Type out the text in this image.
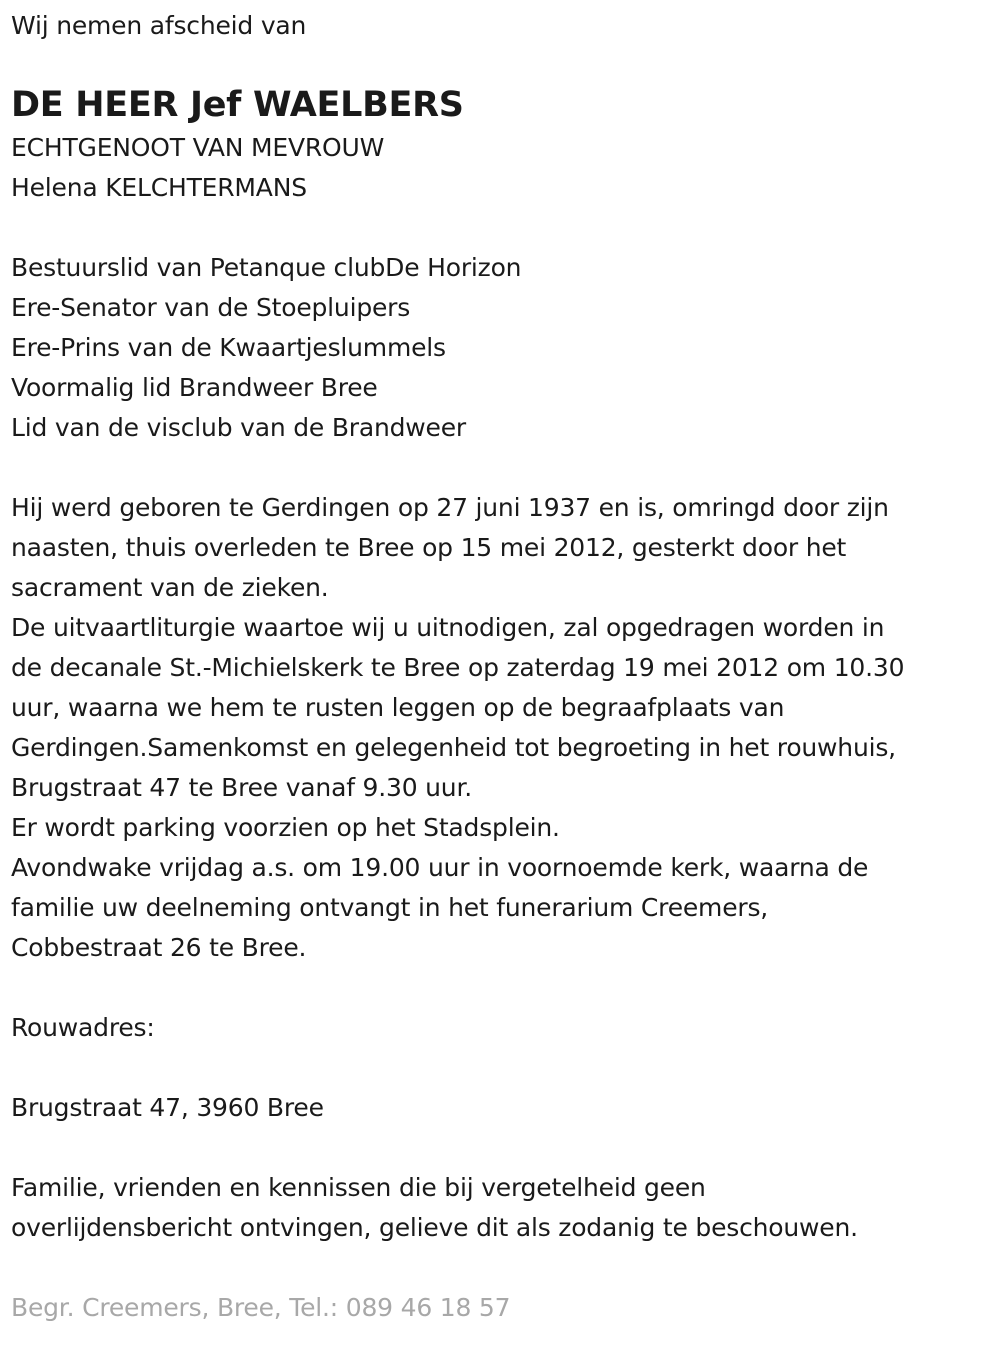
Wij nemen afscheid van
DE HEER Jef WAELBERS
ECHTGENOOT VAN MEVROUW
Helena KELCHTERMANS
Bestuurslid van Petanque clubDe Horizon
Ere-Senator van de Stoepluipers
Ere-Prins van de Kwaartjeslummels
Voormalig lid Brandweer Bree
Lid van de visclub van de Brandweer
Hij werd geboren te Gerdingen op 27 juni 1937 en is, omringd door zijn
naasten, thuis overleden te Bree op 15 mei 2012, gesterkt door het
sacrament van de zieken.
De uitvaartliturgie waartoe wij u uitnodigen, zal opgedragen worden in
de decanale St.-Michielskerk te Bree op zaterdag 19 mei 2012 om 10.30
uur, waarna we hem te rusten leggen op de begraafplaats van
Gerdingen.Samenkomst en gelegenheid tot begroeting in het rouwhuis,
Brugstraat 47 te Bree vanaf 9.30 uur.
Er wordt parking voorzien op het Stadsplein.
Avondwake vrijdag a.s. om 19.00 uur in voornoemde kerk, waarna de
familie uw deelneming ontvangt in het funerarium Creemers,
Cobbestraat 26 te Bree.
Rouwadres:
Brugstraat 47, 3960 Bree
Familie, vrienden en kennissen die bij vergetelheid geen
overlijdensbericht ontvingen, gelieve dit als zodanig te beschouwen.
Begr. Creemers, Bree, Tel.: 089 46 18 57
